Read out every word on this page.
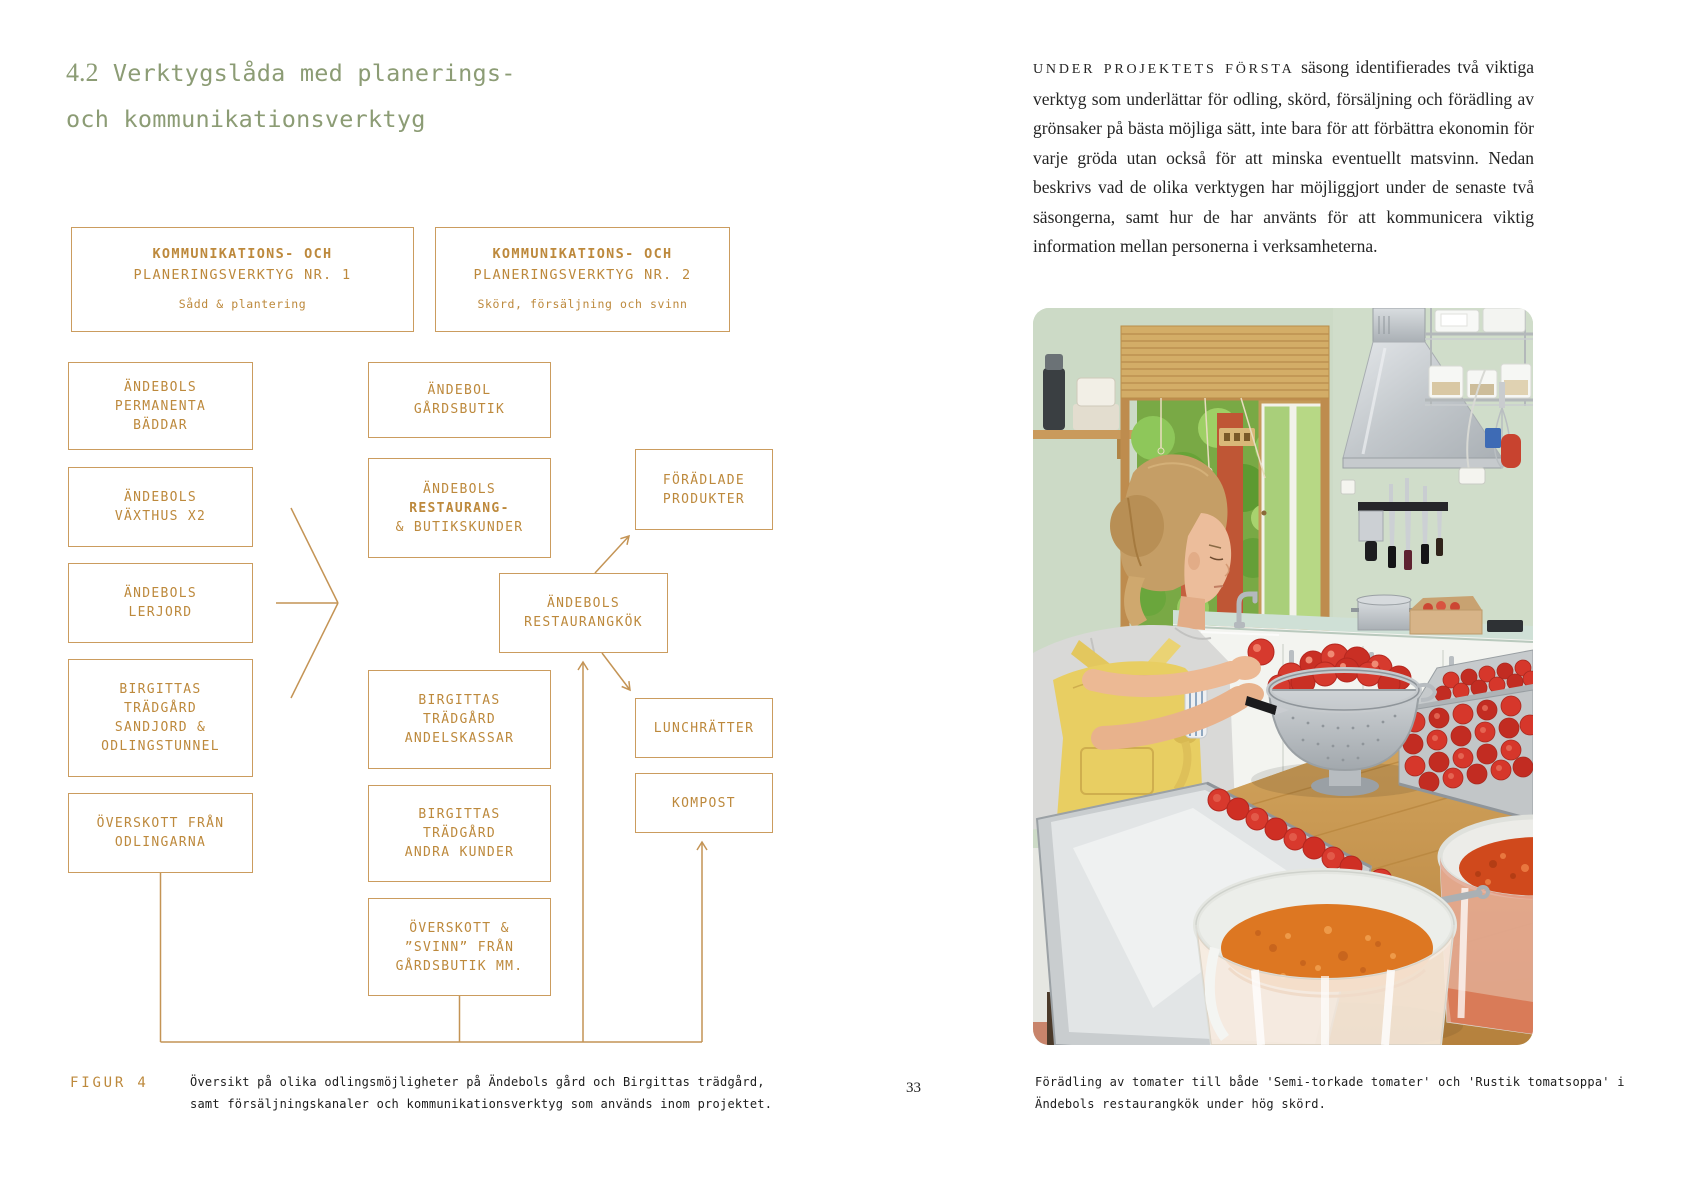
4.2 Verktygslåda med planerings-
och kommunikationsverktyg
KOMMUNIKATIONS- OCH
PLANERINGSVERKTYG NR. 1
Sådd & plantering
KOMMUNIKATIONS- OCH
PLANERINGSVERKTYG NR. 2
Skörd, försäljning och svinn
ÄNDEBOLS
PERMANENTA
BÄDDAR
ÄNDEBOLS
VÄXTHUS X2
ÄNDEBOLS
LERJORD
BIRGITTAS
TRÄDGÅRD
SANDJORD &
ODLINGSTUNNEL
ÖVERSKOTT FRÅN
ODLINGARNA
ÄNDEBOL
GÅRDSBUTIK
ÄNDEBOLS
RESTAURANG-
& BUTIKSKUNDER
BIRGITTAS
TRÄDGÅRD
ANDELSKASSAR
BIRGITTAS
TRÄDGÅRD
ANDRA KUNDER
ÖVERSKOTT &
”SVINN” FRÅN
GÅRDSBUTIK MM.
ÄNDEBOLS
RESTAURANGKÖK
FÖRÄDLADE
PRODUKTER
LUNCHRÄTTER
KOMPOST
FIGUR 4	Översikt på olika odlingsmöjligheter på Ändebols gård och Birgittas trädgård,
samt försäljningskanaler och kommunikationsverktyg som används inom projektet.
33
UNDER PROJEKTETS FÖRSTA säsong identifierades två viktiga verktyg som underlättar för odling, skörd, försäljning och förädling av grönsaker på bästa möjliga sätt, inte bara för att förbättra ekonomin för varje gröda utan också för att minska eventuellt matsvinn. Nedan beskrivs vad de olika verktygen har möjliggjort under de senaste två säsongerna, samt hur de har använts för att kommunicera viktig information mellan personerna i verksamheterna.
Förädling av tomater till både 'Semi-torkade tomater' och 'Rustik tomatsoppa' i
Ändebols restaurangkök under hög skörd.
